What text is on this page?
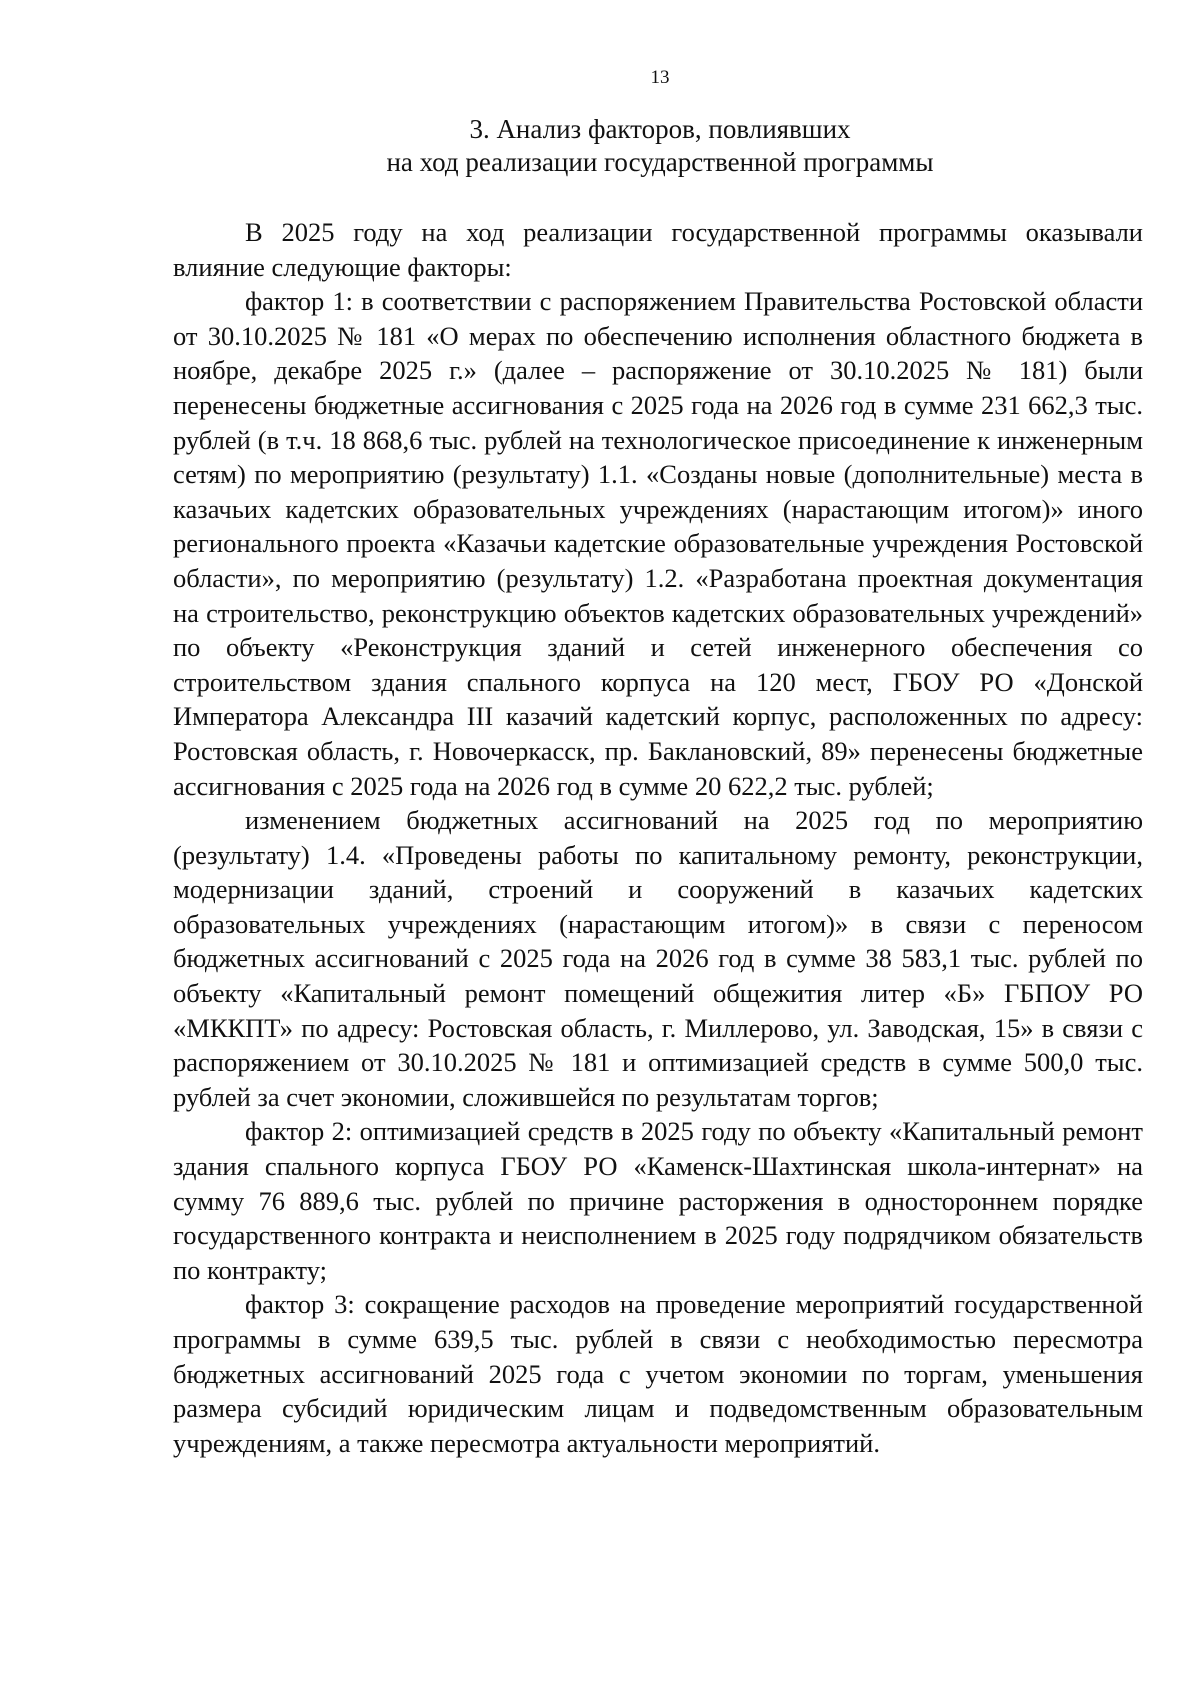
13
3. Анализ факторов, повлиявших
на ход реализации государственной программы

В 2025 году на ход реализации государственной программы оказывали влияние следующие факторы:

фактор 1: в соответствии с распоряжением Правительства Ростовской области от 30.10.2025 № 181 «О мерах по обеспечению исполнения областного бюджета в ноябре, декабре 2025 г.» (далее – распоряжение от 30.10.2025 № 181) были перенесены бюджетные ассигнования с 2025 года на 2026 год в сумме 231 662,3 тыс. рублей (в т.ч. 18 868,6 тыс. рублей на технологическое присоединение к инженерным сетям) по мероприятию (результату) 1.1. «Созданы новые (дополнительные) места в казачьих кадетских образовательных учреждениях (нарастающим итогом)» иного регионального проекта «Казачьи кадетские образовательные учреждения Ростовской области», по мероприятию (результату) 1.2. «Разработана проектная документация на строительство, реконструкцию объектов кадетских образовательных учреждений» по объекту «Реконструкция зданий и сетей инженерного обеспечения со строительством здания спального корпуса на 120 мест, ГБОУ РО «Донской Императора Александра III казачий кадетский корпус, расположенных по адресу: Ростовская область, г. Новочеркасск, пр. Баклановский, 89» перенесены бюджетные ассигнования с 2025 года на 2026 год в сумме 20 622,2 тыс. рублей;

изменением бюджетных ассигнований на 2025 год по мероприятию (результату) 1.4. «Проведены работы по капитальному ремонту, реконструкции, модернизации зданий, строений и сооружений в казачьих кадетских образовательных учреждениях (нарастающим итогом)» в связи с переносом бюджетных ассигнований с 2025 года на 2026 год в сумме 38 583,1 тыс. рублей по объекту «Капитальный ремонт помещений общежития литер «Б» ГБПОУ РО «МККПТ» по адресу: Ростовская область, г. Миллерово, ул. Заводская, 15» в связи с распоряжением от 30.10.2025 № 181 и оптимизацией средств в сумме 500,0 тыс. рублей за счет экономии, сложившейся по результатам торгов;

фактор 2: оптимизацией средств в 2025 году по объекту «Капитальный ремонт здания спального корпуса ГБОУ РО «Каменск-Шахтинская школа-интернат» на сумму 76 889,6 тыс. рублей по причине расторжения в одностороннем порядке государственного контракта и неисполнением в 2025 году подрядчиком обязательств по контракту;

фактор 3: сокращение расходов на проведение мероприятий государственной программы в сумме 639,5 тыс. рублей в связи с необходимостью пересмотра бюджетных ассигнований 2025 года с учетом экономии по торгам, уменьшения размера субсидий юридическим лицам и подведомственным образовательным учреждениям, а также пересмотра актуальности мероприятий.
